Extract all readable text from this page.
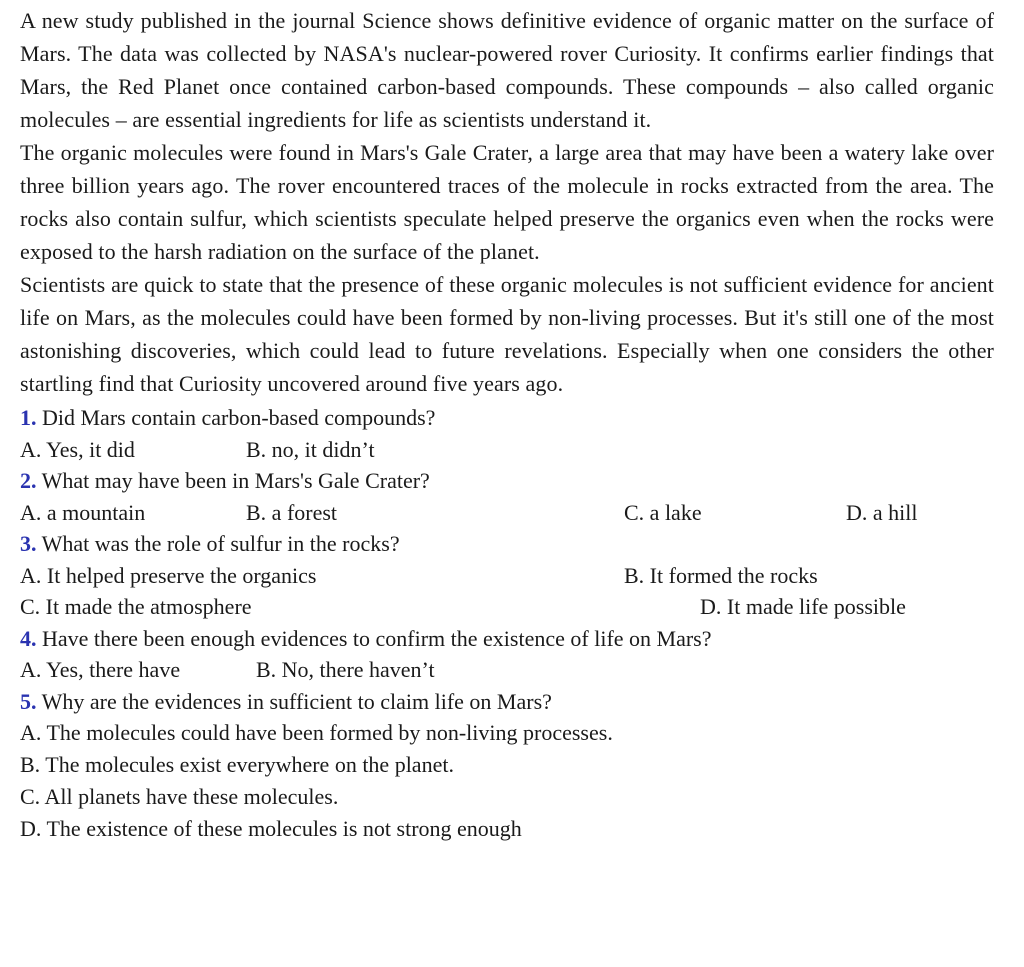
A new study published in the journal Science shows definitive evidence of organic matter on the surface of Mars. The data was collected by NASA's nuclear-powered rover Curiosity. It confirms earlier findings that Mars, the Red Planet once contained carbon-based compounds. These compounds – also called organic molecules – are essential ingredients for life as scientists understand it.

The organic molecules were found in Mars's Gale Crater, a large area that may have been a watery lake over three billion years ago. The rover encountered traces of the molecule in rocks extracted from the area. The rocks also contain sulfur, which scientists speculate helped preserve the organics even when the rocks were exposed to the harsh radiation on the surface of the planet.

Scientists are quick to state that the presence of these organic molecules is not sufficient evidence for ancient life on Mars, as the molecules could have been formed by non-living processes. But it's still one of the most astonishing discoveries, which could lead to future revelations. Especially when one considers the other startling find that Curiosity uncovered around five years ago.

1. Did Mars contain carbon-based compounds?

A. Yes, it did	B. no, it didn’t

2. What may have been in Mars's Gale Crater?

A. a mountain	B. a forest	C. a lake	D. a hill

3. What was the role of sulfur in the rocks?

A. It helped preserve the organics	B. It formed the rocks
C. It made the atmosphere	D. It made life possible

4. Have there been enough evidences to confirm the existence of life on Mars?

A. Yes, there have	B. No, there haven’t

5. Why are the evidences in sufficient to claim life on Mars?

A. The molecules could have been formed by non-living processes.

B. The molecules exist everywhere on the planet.

C. All planets have these molecules.

D. The existence of these molecules is not strong enough
